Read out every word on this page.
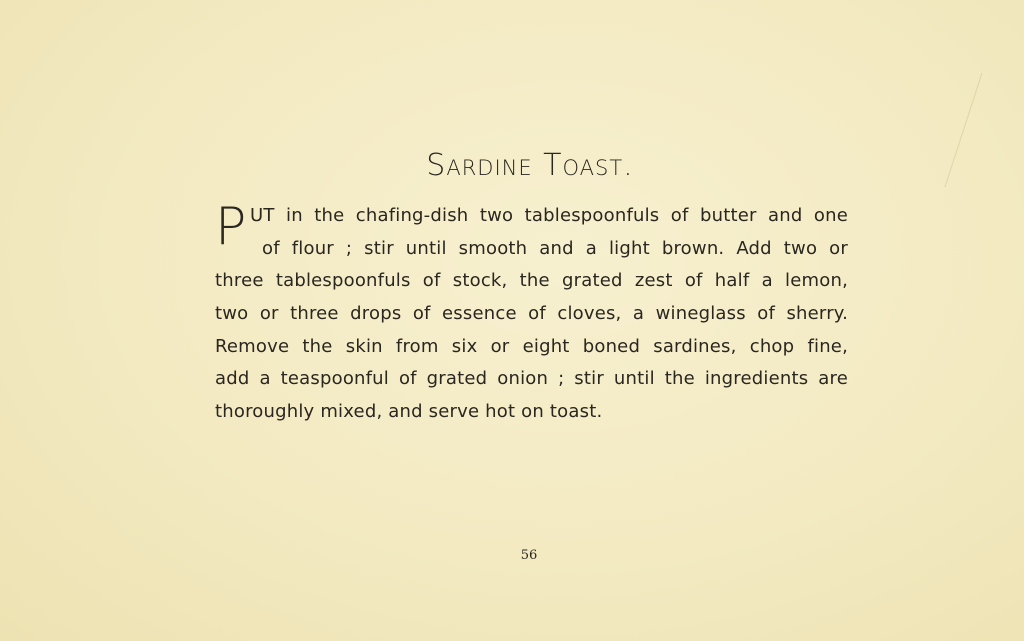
Sardine Toast.
P UT in the chafing-dish two tablespoonfuls of butter and one
of flour ; stir until smooth and a light brown. Add two or
three tablespoonfuls of stock, the grated zest of half a lemon,
two or three drops of essence of cloves, a wineglass of sherry.
Remove the skin from six or eight boned sardines, chop fine,
add a teaspoonful of grated onion ; stir until the ingredients are
thoroughly mixed, and serve hot on toast.
56
